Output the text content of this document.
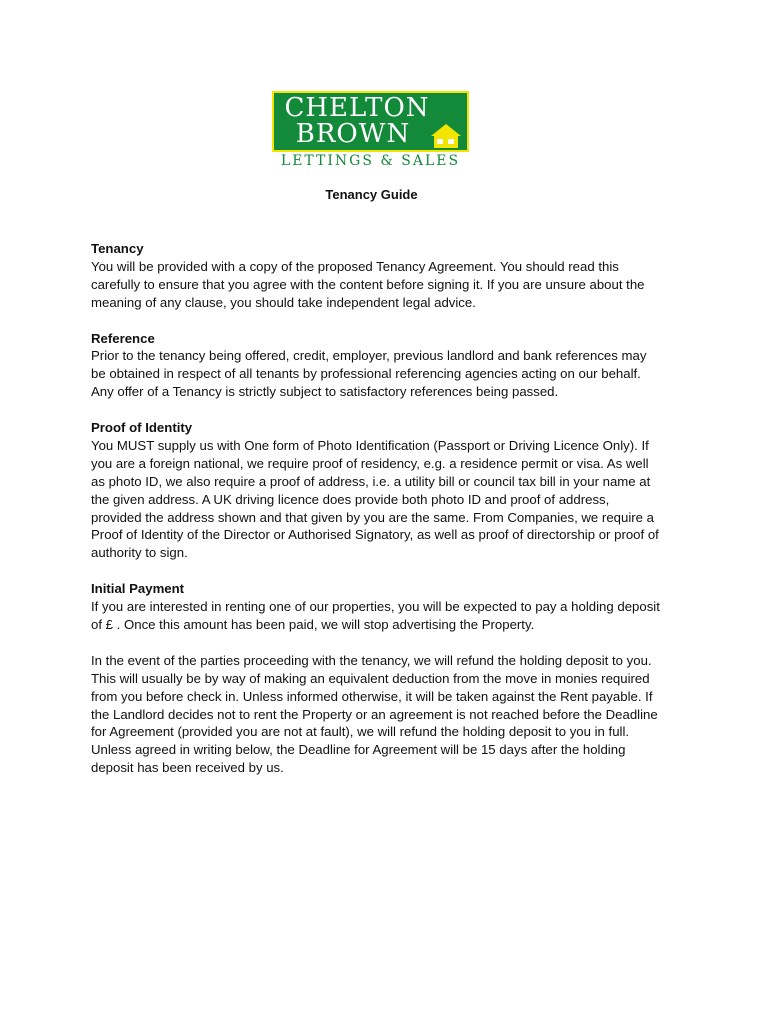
CHELTON
BROWN
LETTINGS & SALES
Tenancy Guide
Tenancy

You will be provided with a copy of the proposed Tenancy Agreement. You should read this carefully to ensure that you agree with the content before signing it. If you are unsure about the meaning of any clause, you should take independent legal advice.

Reference

Prior to the tenancy being offered, credit, employer, previous landlord and bank references may be obtained in respect of all tenants by professional referencing agencies acting on our behalf. Any offer of a Tenancy is strictly subject to satisfactory references being passed.

Proof of Identity

You MUST supply us with One form of Photo Identification (Passport or Driving Licence Only). If you are a foreign national, we require proof of residency, e.g. a residence permit or visa. As well as photo ID, we also require a proof of address, i.e. a utility bill or council tax bill in your name at the given address. A UK driving licence does provide both photo ID and proof of address, provided the address shown and that given by you are the same. From Companies, we require a Proof of Identity of the Director or Authorised Signatory, as well as proof of directorship or proof of authority to sign.

Initial Payment

If you are interested in renting one of our properties, you will be expected to pay a holding deposit of £ . Once this amount has been paid, we will stop advertising the Property.

In the event of the parties proceeding with the tenancy, we will refund the holding deposit to you. This will usually be by way of making an equivalent deduction from the move in monies required from you before check in. Unless informed otherwise, it will be taken against the Rent payable. If the Landlord decides not to rent the Property or an agreement is not reached before the Deadline for Agreement (provided you are not at fault), we will refund the holding deposit to you in full. Unless agreed in writing below, the Deadline for Agreement will be 15 days after the holding deposit has been received by us.
